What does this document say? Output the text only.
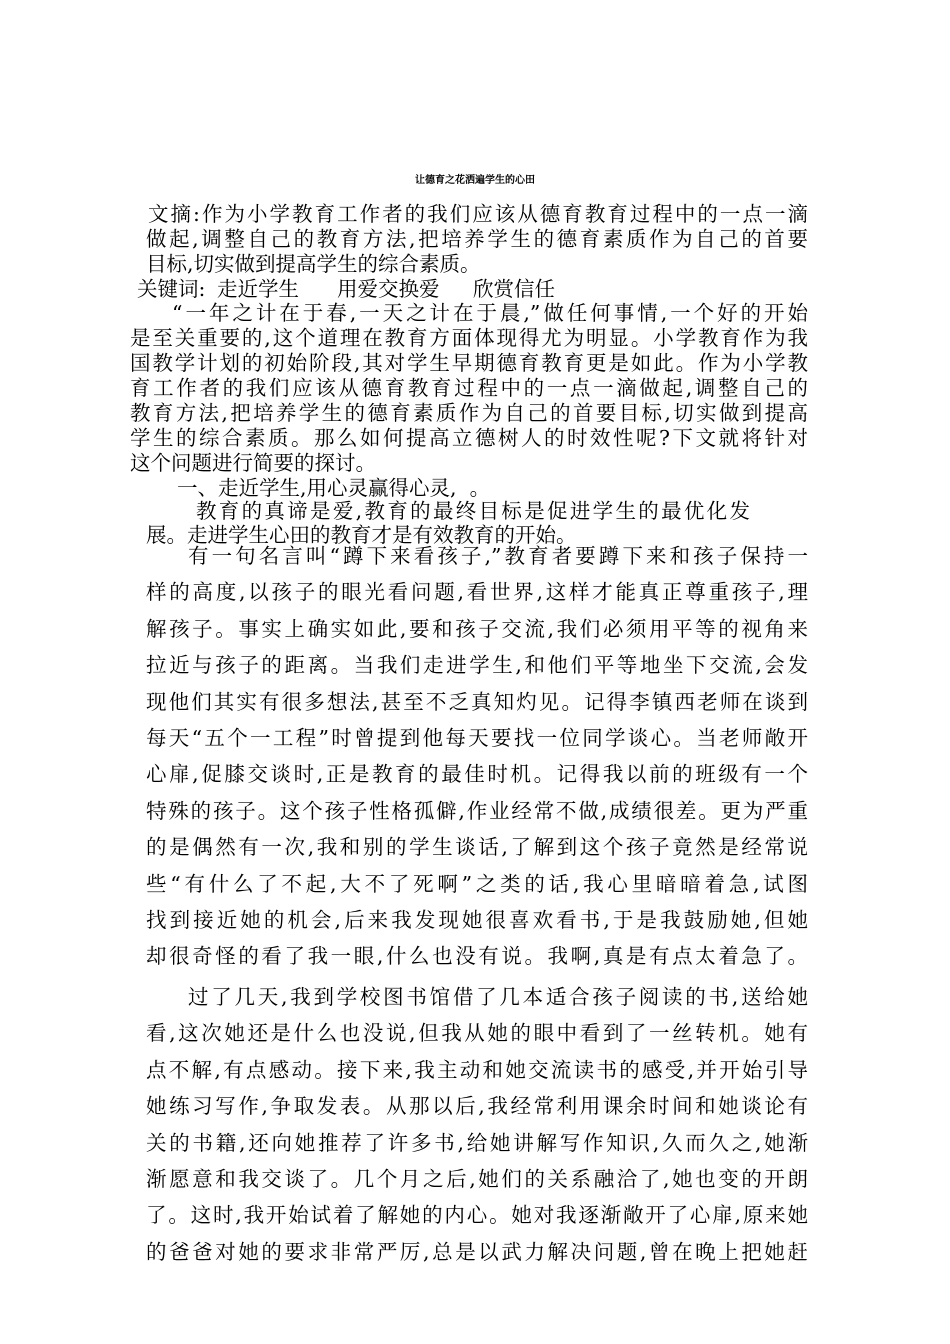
让德育之花洒遍学生的心田

文摘:作为小学教育工作者的我们应该从德育教育过程中的一点一滴

做起,调整自己的教育方法,把培养学生的德育素质作为自己的首要

目标,切实做到提高学生的综合素质。

关键词: 走近学生 用爱交换爱 欣赏信任

“一年之计在于春,一天之计在于晨,”做任何事情,一个好的开始

是至关重要的,这个道理在教育方面体现得尤为明显。小学教育作为我

国教学计划的初始阶段,其对学生早期德育教育更是如此。作为小学教

育工作者的我们应该从德育教育过程中的一点一滴做起,调整自己的

教育方法,把培养学生的德育素质作为自己的首要目标,切实做到提高

学生的综合素质。那么如何提高立德树人的时效性呢?下文就将针对

这个问题进行简要的探讨。

一、走近学生,用心灵赢得心灵,  。

教育的真谛是爱,教育的最终目标是促进学生的最优化发

展。走进学生心田的教育才是有效教育的开始。

有一句名言叫“蹲下来看孩子,”教育者要蹲下来和孩子保持一

样的高度,以孩子的眼光看问题,看世界,这样才能真正尊重孩子,理

解孩子。事实上确实如此,要和孩子交流,我们必须用平等的视角来

拉近与孩子的距离。当我们走进学生,和他们平等地坐下交流,会发

现他们其实有很多想法,甚至不乏真知灼见。记得李镇西老师在谈到

每天“五个一工程”时曾提到他每天要找一位同学谈心。当老师敞开

心扉,促膝交谈时,正是教育的最佳时机。记得我以前的班级有一个

特殊的孩子。这个孩子性格孤僻,作业经常不做,成绩很差。更为严重

的是偶然有一次,我和别的学生谈话,了解到这个孩子竟然是经常说

些“有什么了不起,大不了死啊”之类的话,我心里暗暗着急,试图

找到接近她的机会,后来我发现她很喜欢看书,于是我鼓励她,但她

却很奇怪的看了我一眼,什么也没有说。我啊,真是有点太着急了。

过了几天,我到学校图书馆借了几本适合孩子阅读的书,送给她

看,这次她还是什么也没说,但我从她的眼中看到了一丝转机。她有

点不解,有点感动。接下来,我主动和她交流读书的感受,并开始引导

她练习写作,争取发表。从那以后,我经常利用课余时间和她谈论有

关的书籍,还向她推荐了许多书,给她讲解写作知识,久而久之,她渐

渐愿意和我交谈了。几个月之后,她们的关系融洽了,她也变的开朗

了。这时,我开始试着了解她的内心。她对我逐渐敞开了心扉,原来她

的爸爸对她的要求非常严厉,总是以武力解决问题,曾在晚上把她赶
